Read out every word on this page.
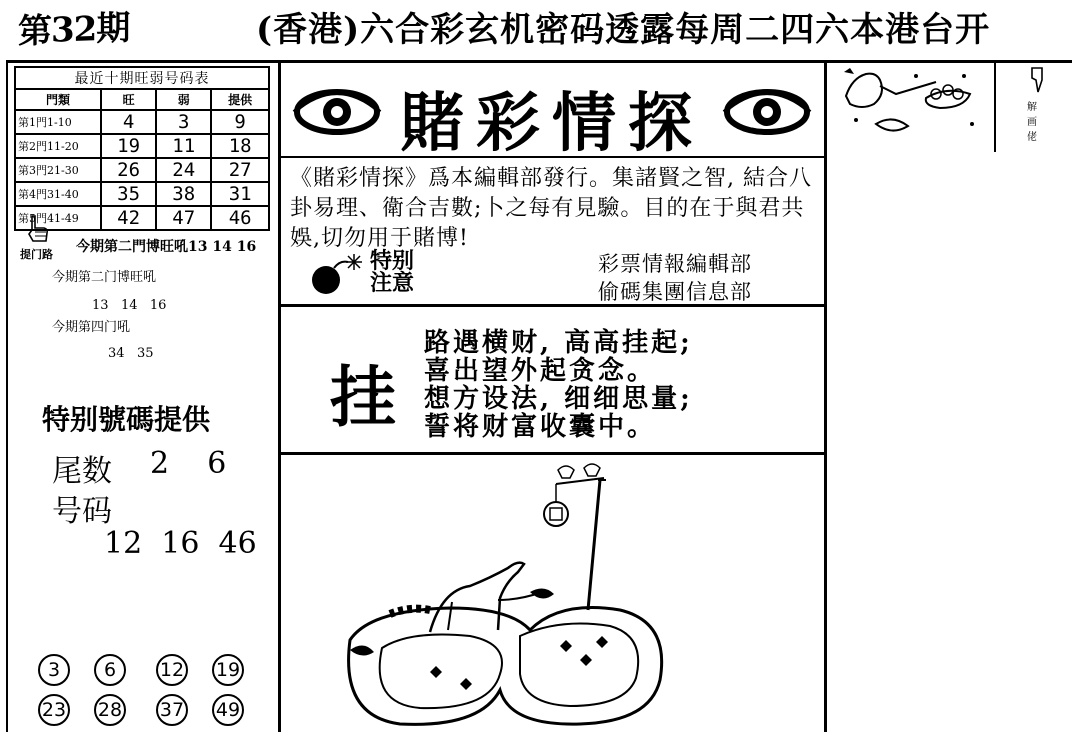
第32期	(香港)六合彩玄机密码透露每周二四六本港台开
最近十期旺弱号码表			
門類	旺	弱	提供
第1門1-10	4	3	9
第2門11-20	19	11	18
第3門21-30	26	24	27
第4門31-40	35	38	31
第5門41-49	42	47	46
提门路 今期第二門博旺吼13 14 16
今期第二门博旺吼
13   14   16
今期第四门吼
34   35
特别號碼提供
尾数 2    6
号码
12  16  46
3	6	12 19
23 28 37 49
賭彩情探
《賭彩情探》爲本編輯部發行。集諸賢之智, 結合八卦易理、衛合吉數;卜之每有見驗。目的在于與君共娛,切勿用于賭博!
特别
注意
彩票情報編輯部
偷碼集團信息部
挂
路遇横财, 高高挂起;
喜出望外起贪念。
想方设法, 细细思量;
誓将财富收囊中。
解画佬
